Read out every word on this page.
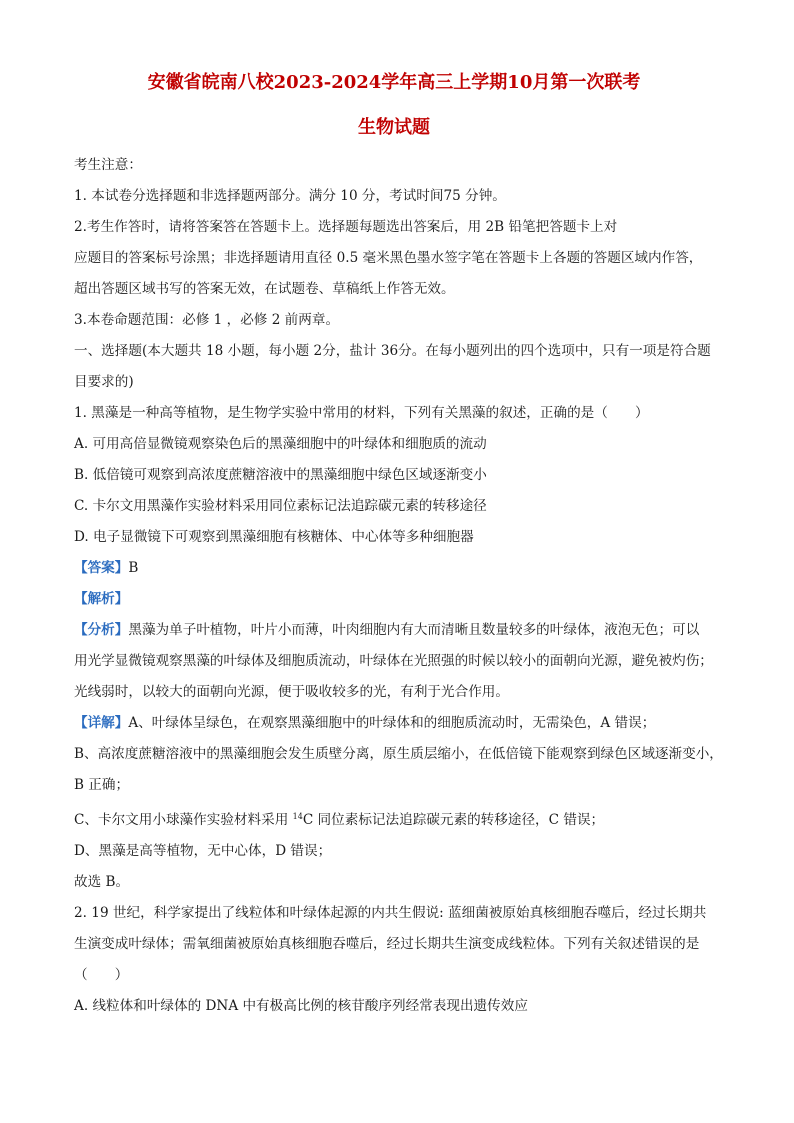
安徽省皖南八校2023-2024学年高三上学期10月第一次联考
生物试题

考生注意：

1. 本试卷分选择题和非选择题两部分。满分 10 分，考试时间75 分钟。

2.考生作答时，请将答案答在答题卡上。选择题每题选出答案后，用 2B 铅笔把答题卡上对

应题目的答案标号涂黑；非选择题请用直径 0.5 毫米黑色墨水签字笔在答题卡上各题的答题区域内作答，

超出答题区域书写的答案无效，在试题卷、草稿纸上作答无效。

3.本卷命题范围：必修 1 ，必修 2 前两章。

一、选择题(本大题共 18 小题，每小题 2分，盐计 36分。在每小题列出的四个选项中，只有一项是符合题

目要求的)

1. 黑藻是一种高等植物，是生物学实验中常用的材料，下列有关黑藻的叙述，正确的是（　　）

A. 可用高倍显微镜观察染色后的黑藻细胞中的叶绿体和细胞质的流动

B. 低倍镜可观察到高浓度蔗糖溶液中的黑藻细胞中绿色区域逐渐变小

C. 卡尔文用黑藻作实验材料采用同位素标记法追踪碳元素的转移途径

D. 电子显微镜下可观察到黑藻细胞有核糖体、中心体等多种细胞器

【答案】B

【解析】

【分析】黑藻为单子叶植物，叶片小而薄，叶肉细胞内有大而清晰且数量较多的叶绿体，液泡无色；可以

用光学显微镜观察黑藻的叶绿体及细胞质流动，叶绿体在光照强的时候以较小的面朝向光源，避免被灼伤；

光线弱时，以较大的面朝向光源，便于吸收较多的光，有利于光合作用。

【详解】A、叶绿体呈绿色，在观察黑藻细胞中的叶绿体和的细胞质流动时，无需染色，A 错误；

B、高浓度蔗糖溶液中的黑藻细胞会发生质壁分离，原生质层缩小，在低倍镜下能观察到绿色区域逐渐变小，

B 正确；

C、卡尔文用小球藻作实验材料采用 $^{14}$C 同位素标记法追踪碳元素的转移途径，C 错误；

D、黑藻是高等植物，无中心体，D 错误；

故选 B。

2. 19 世纪，科学家提出了线粒体和叶绿体起源的内共生假说: 蓝细菌被原始真核细胞吞噬后，经过长期共

生演变成叶绿体；需氧细菌被原始真核细胞吞噬后，经过长期共生演变成线粒体。下列有关叙述错误的是

（　　）

A. 线粒体和叶绿体的 DNA 中有极高比例的核苷酸序列经常表现出遗传效应
